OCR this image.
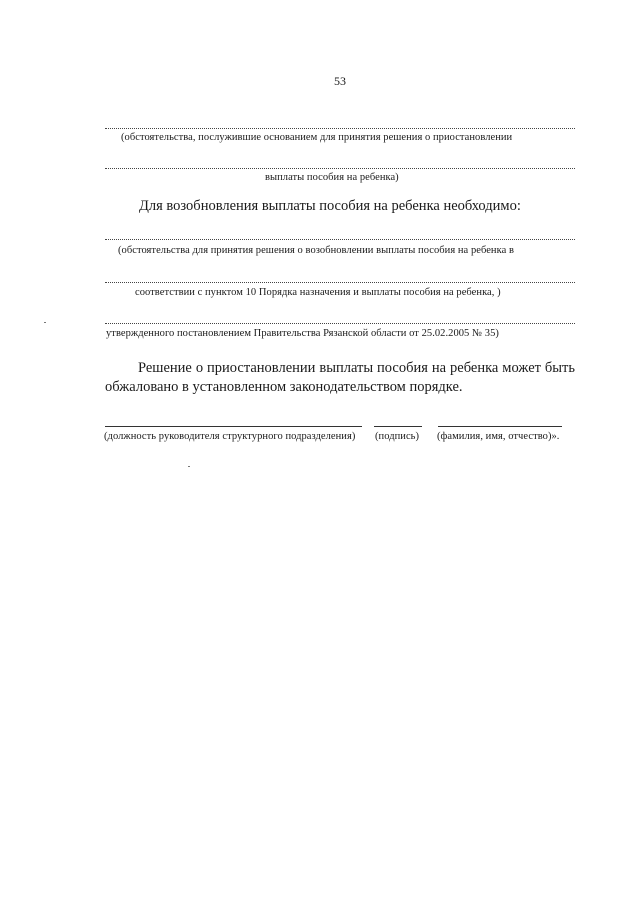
53
(обстоятельства, послужившие основанием для принятия решения о приостановлении
выплаты пособия на ребенка)
Для возобновления выплаты пособия на ребенка необходимо:
(обстоятельства для принятия решения о возобновлении выплаты пособия на ребенка в
соответствии с пунктом 10 Порядка назначения и выплаты пособия на ребенка, )
утвержденного постановлением Правительства Рязанской области от 25.02.2005 № 35)
Решение о приостановлении выплаты пособия на ребенка может быть
обжаловано в установленном законодательством порядке.
(должность руководителя структурного подразделения) (подпись) (фамилия, имя, отчество)».
